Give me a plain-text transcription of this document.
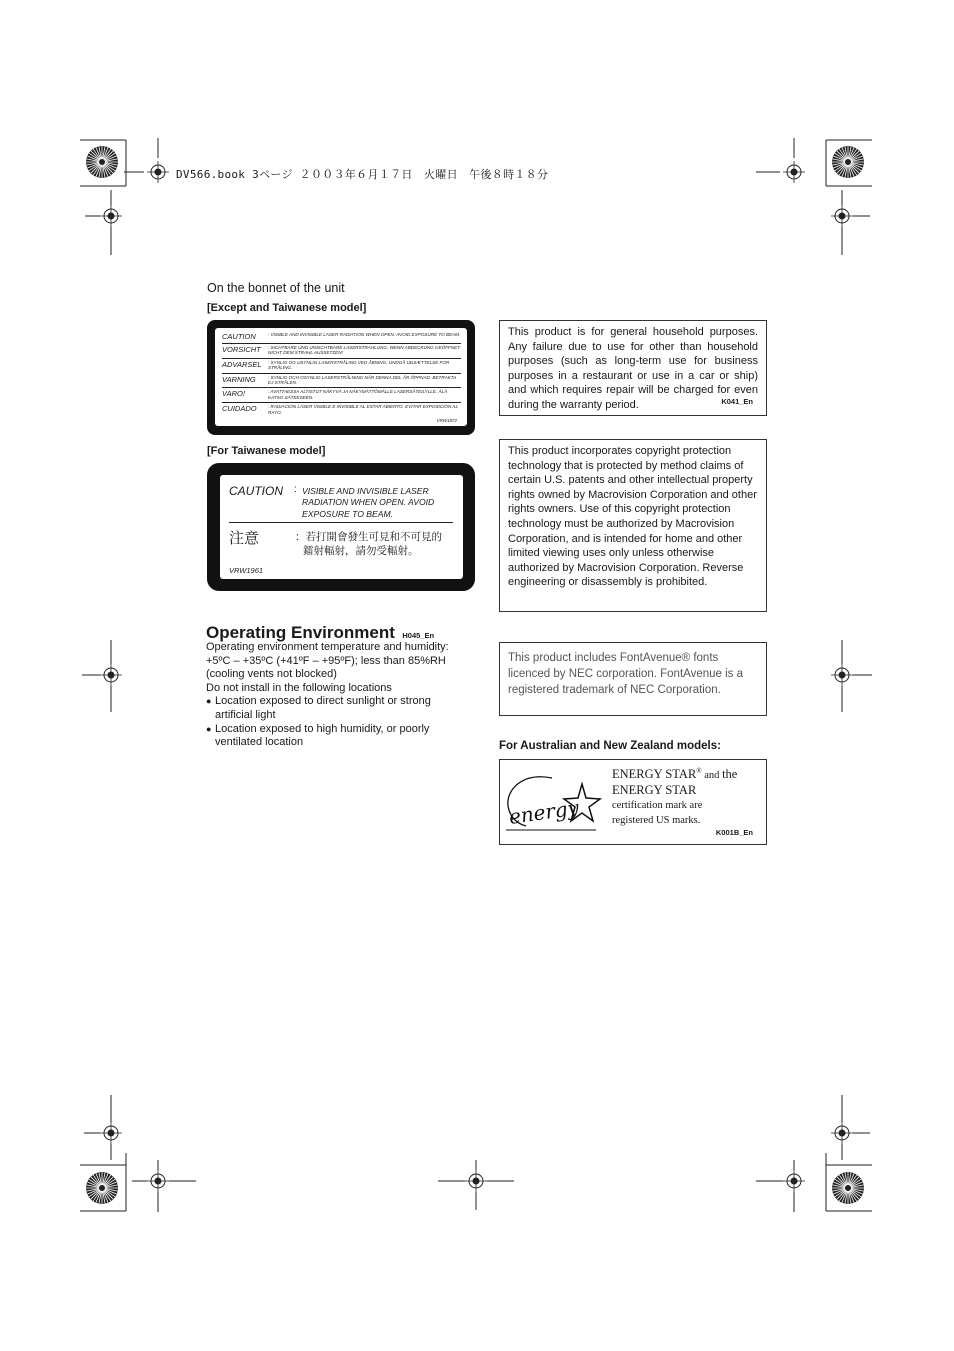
DV566.book 3ページ ２００３年６月１７日　火曜日　午後８時１８分
On the bonnet of the unit
[Except and Taiwanese model]
CAUTION	: VISIBLE AND INVISIBLE LASER RADIATION WHEN OPEN. AVOID EXPOSURE TO BEAM.
VORSICHT	: SICHTBARE UND UNSICHTBARE LASERSTRAHLUNG, WENN ABDECKUNG GEÖFFNET. NICHT DEM STRAHL AUSSETZEN!
ADVARSEL	: SYNLIG OG USYNLIG LASERSTRÅLING VED ÅBNING. UNDGÅ UDSÆTTELSE FOR STRÅLING.
VARNING	: SYNLIG OCH OSYNLIG LASERSTRÅLNING NÄR DENNA DEL ÄR ÖPPNAD. BETRAKTA EJ STRÅLEN.
VARO!	: AVATTAESSA ALTISTUT NÄKYVÄ JA NÄKYMÄTTÖMÄLLE LASERSÄTEILYLLE. ÄLÄ KATSO SÄTEESEEN.
CUIDADO	: RADIACIÓN LÁSER VISIBLE E INVISIBLE AL ESTAR ABIERTO. EVITAR EXPOSICIÓN AL RAYO.
VRW1872
[For Taiwanese model]
CAUTION : VISIBLE AND INVISIBLE LASER
RADIATION WHEN OPEN. AVOID
EXPOSURE TO BEAM.
注意	：若打開會發生可見和不可見的
鐳射輻射，請勿受輻射。
VRW1961
Operating Environment H045_En
Operating environment temperature and humidity:
+5ºC – +35ºC (+41ºF – +95ºF); less than 85%RH (cooling vents not blocked)
Do not install in the following locations
● Location exposed to direct sunlight or strong artificial light
● Location exposed to high humidity, or poorly ventilated location
This product is for general household purposes. Any failure due to use for other than household purposes (such as long-term use for business purposes in a restaurant or use in a car or ship) and which requires repair will be charged for even during the warranty period.	K041_En
This product incorporates copyright protection technology that is protected by method claims of certain U.S. patents and other intellectual property rights owned by Macrovision Corporation and other rights owners. Use of this copyright protection technology must be authorized by Macrovision Corporation, and is intended for home and other limited viewing uses only unless otherwise authorized by Macrovision Corporation. Reverse engineering or disassembly is prohibited.
This product includes FontAvenue® fonts licenced by NEC corporation. FontAvenue is a registered trademark of NEC Corporation.
For Australian and New Zealand models:
energy
ENERGY STAR® and the
ENERGY STAR
certification mark are
registered US marks.
K001B_En
